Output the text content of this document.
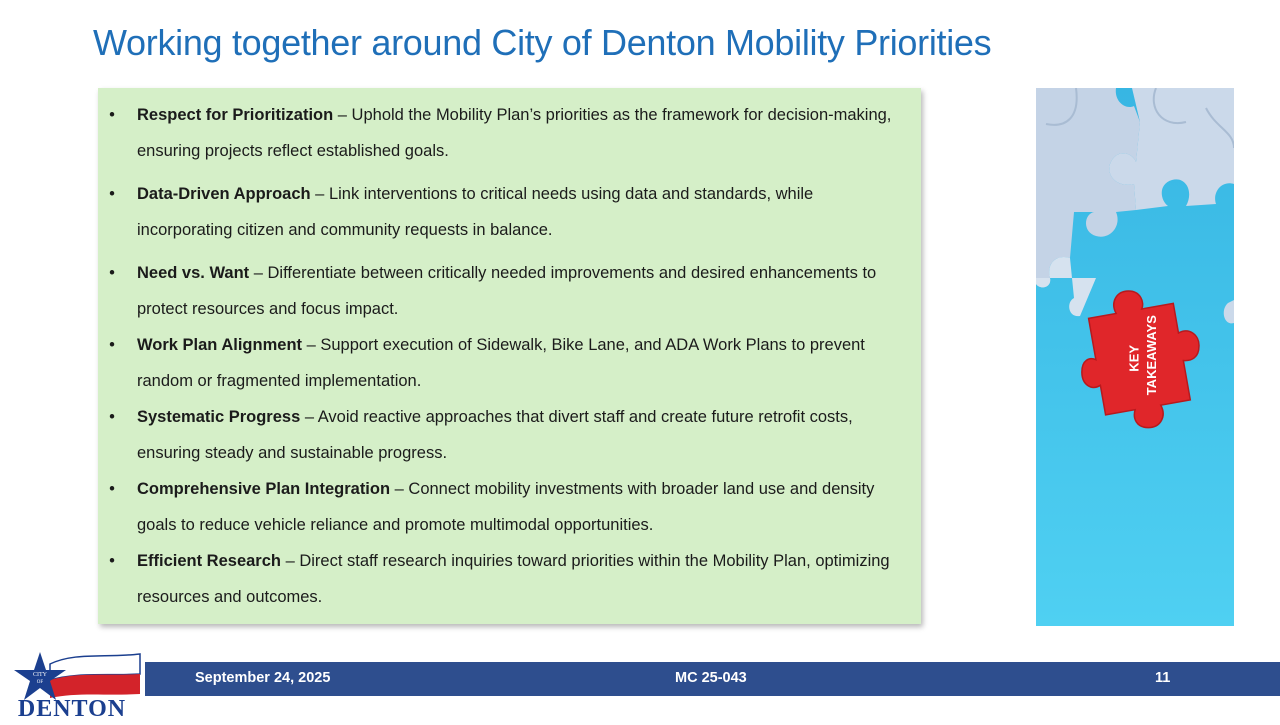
Working together around City of Denton Mobility Priorities
• Respect for Prioritization – Uphold the Mobility Plan’s priorities as the framework for decision-making, ensuring projects reflect established goals.
• Data-Driven Approach – Link interventions to critical needs using data and standards, while incorporating citizen and community requests in balance.
• Need vs. Want – Differentiate between critically needed improvements and desired enhancements to protect resources and focus impact.
• Work Plan Alignment – Support execution of Sidewalk, Bike Lane, and ADA Work Plans to prevent random or fragmented implementation.
• Systematic Progress – Avoid reactive approaches that divert staff and create future retrofit costs, ensuring steady and sustainable progress.
• Comprehensive Plan Integration – Connect mobility investments with broader land use and density goals to reduce vehicle reliance and promote multimodal opportunities.
• Efficient Research – Direct staff research inquiries toward priorities within the Mobility Plan, optimizing resources and outcomes.
KEY TAKEAWAYS
September 24, 2025	MC 25-043	11
CITY
OF
DENTON
